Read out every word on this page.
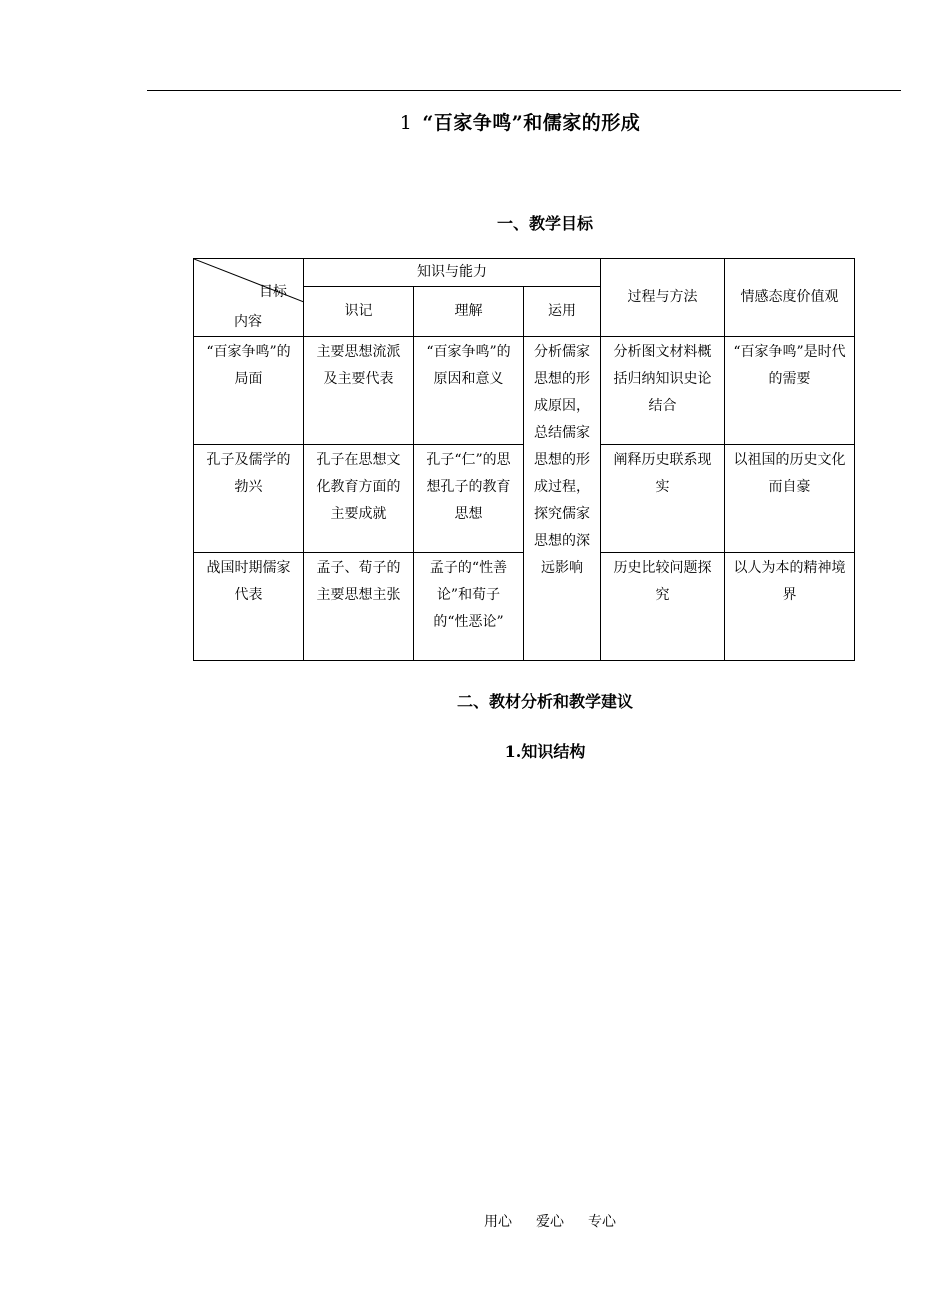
1 “百家争鸣”和儒家的形成
一、教学目标
目标
内容	知识与能力			过程与方法	情感态度价值观
	识记	理解	运用		
“百家争鸣”的局面	主要思想流派及主要代表	“百家争鸣”的原因和意义	分析儒家思想的形成原因，总结儒家思想的形成过程，探究儒家思想的深远影响	分析图文材料概括归纳知识史论结合	“百家争鸣”是时代的需要
孔子及儒学的勃兴	孔子在思想文化教育方面的主要成就	孔子“仁”的思想孔子的教育思想		阐释历史联系现实	以祖国的历史文化而自豪
战国时期儒家代表	孟子、荀子的主要思想主张	孟子的“性善论”和荀子的“性恶论”		历史比较问题探究	以人为本的精神境界
二、教材分析和教学建议
1.知识结构
用心 爱心 专心
